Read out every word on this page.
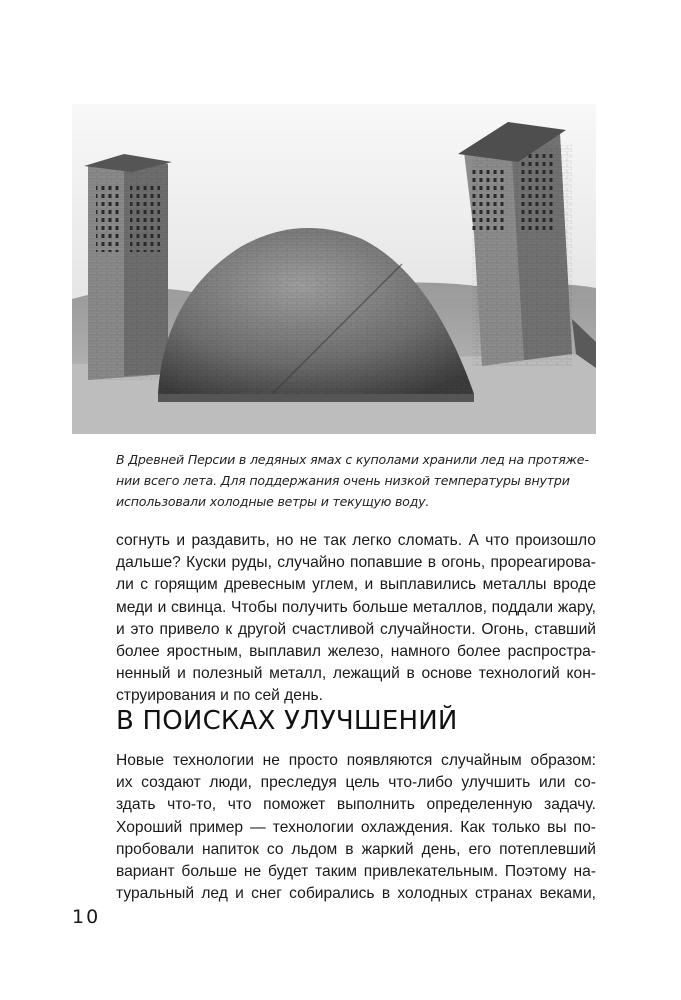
В Древней Персии в ледяных ямах с куполами хранили лед на протяже-
нии всего лета. Для поддержания очень низкой температуры внутри
использовали холодные ветры и текущую воду.
согнуть и раздавить, но не так легко сломать. А что произошло
дальше? Куски руды, случайно попавшие в огонь, прореагирова-
ли с горящим древесным углем, и выплавились металлы вроде
меди и свинца. Чтобы получить больше металлов, поддали жару,
и это привело к другой счастливой случайности. Огонь, ставший
более яростным, выплавил железо, намного более распростра-
ненный и полезный металл, лежащий в основе технологий кон-
струирования и по сей день.
В ПОИСКАХ УЛУЧШЕНИЙ
Новые технологии не просто появляются случайным образом:
их создают люди, преследуя цель что-либо улучшить или со-
здать что-то, что поможет выполнить определенную задачу.
Хороший пример — технологии охлаждения. Как только вы по-
пробовали напиток со льдом в жаркий день, его потеплевший
вариант больше не будет таким привлекательным. Поэтому на-
туральный лед и снег собирались в холодных странах веками,
10
